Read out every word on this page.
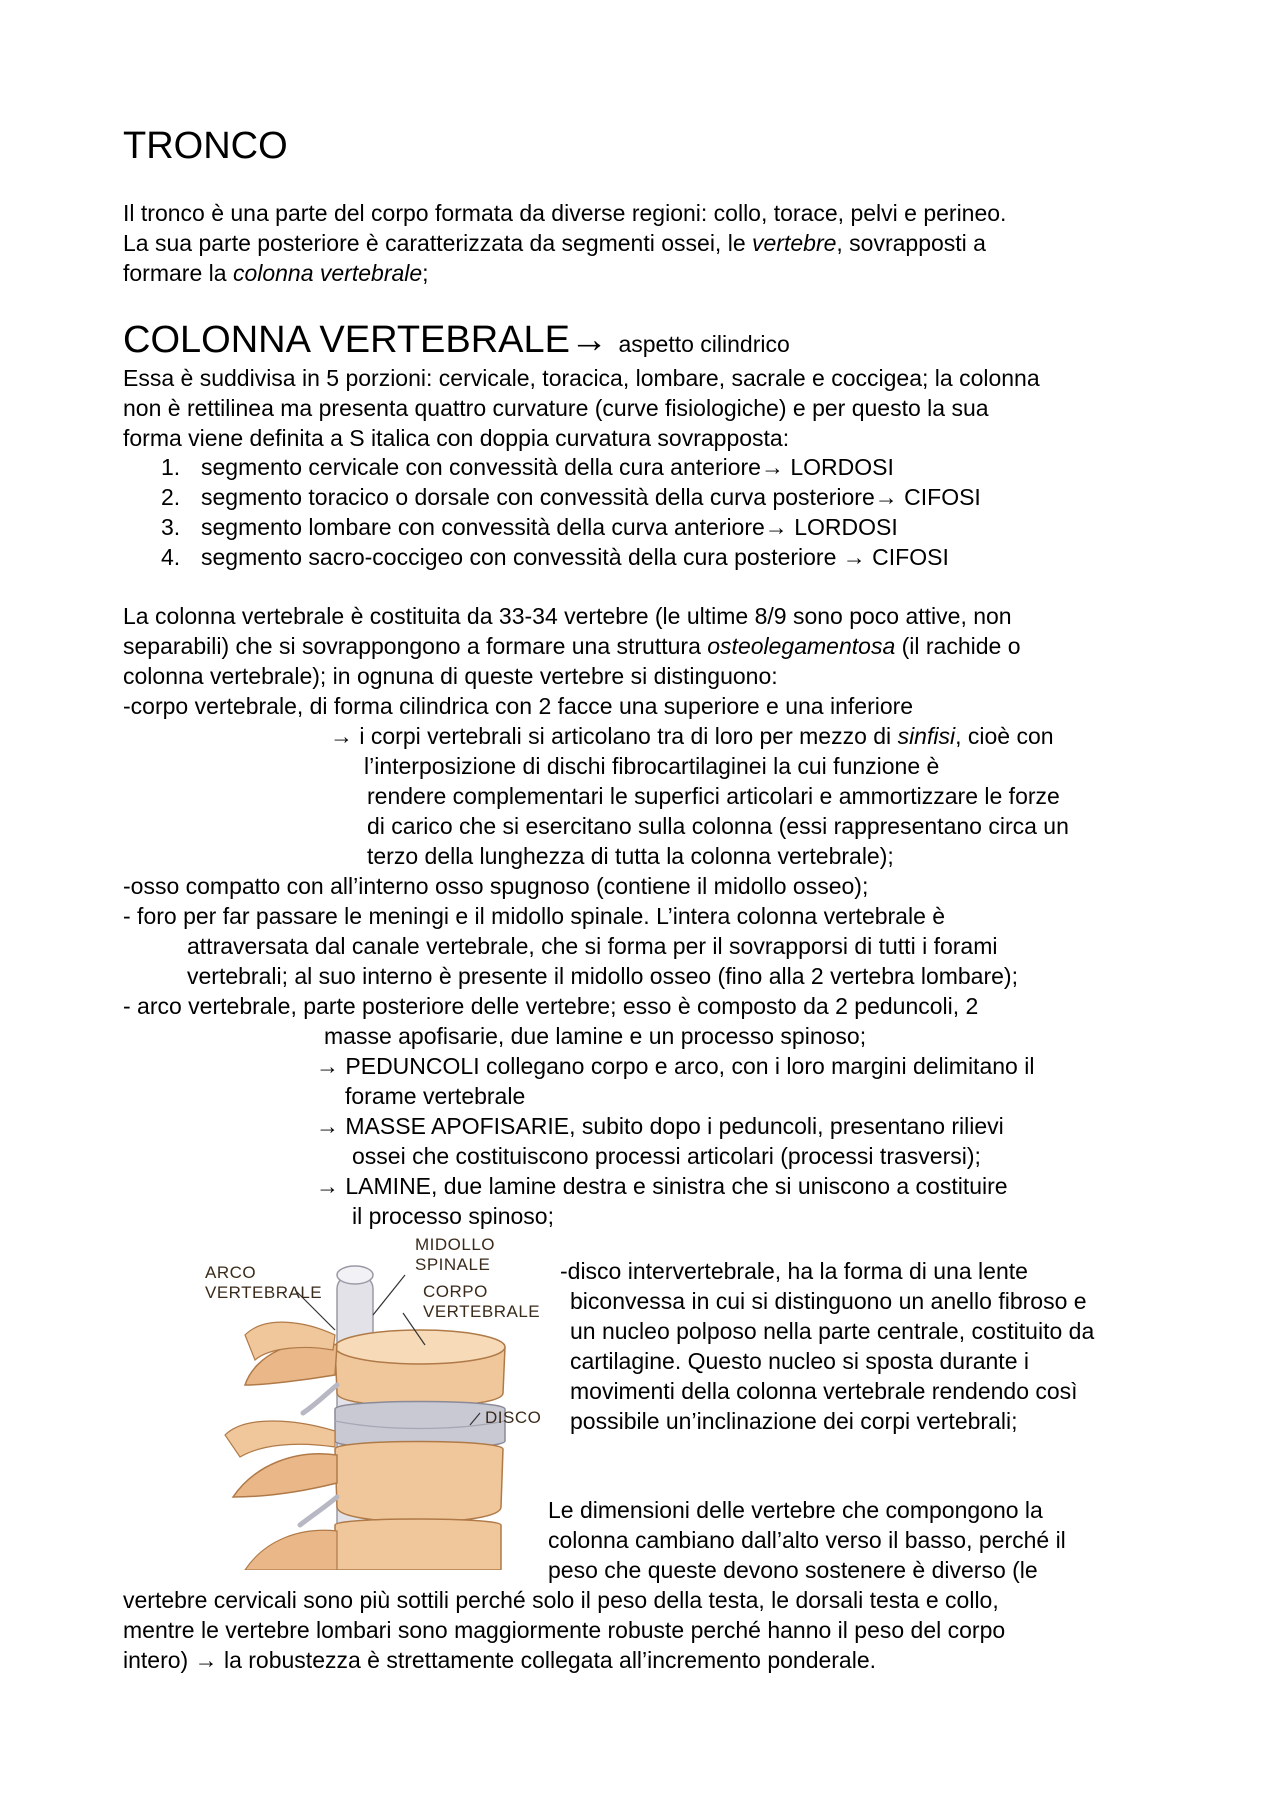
TRONCO
Il tronco è una parte del corpo formata da diverse regioni: collo, torace, pelvi e perineo.
La sua parte posteriore è caratterizzata da segmenti ossei, le vertebre, sovrapposti a
formare la colonna vertebrale;
COLONNA VERTEBRALE→ aspetto cilindrico
Essa è suddivisa in 5 porzioni: cervicale, toracica, lombare, sacrale e coccigea; la colonna
non è rettilinea ma presenta quattro curvature (curve fisiologiche) e per questo la sua
forma viene definita a S italica con doppia curvatura sovrapposta:
1. segmento cervicale con convessità della cura anteriore→ LORDOSI
2. segmento toracico o dorsale con convessità della curva posteriore→ CIFOSI
3. segmento lombare con convessità della curva anteriore→ LORDOSI
4. segmento sacro-coccigeo con convessità della cura posteriore → CIFOSI
La colonna vertebrale è costituita da 33-34 vertebre (le ultime 8/9 sono poco attive, non
separabili) che si sovrappongono a formare una struttura osteolegamentosa (il rachide o
colonna vertebrale); in ognuna di queste vertebre si distinguono:
-corpo vertebrale, di forma cilindrica con 2 facce una superiore e una inferiore
→ i corpi vertebrali si articolano tra di loro per mezzo di sinfisi, cioè con
l’interposizione di dischi fibrocartilaginei la cui funzione è
rendere complementari le superfici articolari e ammortizzare le forze
di carico che si esercitano sulla colonna (essi rappresentano circa un
terzo della lunghezza di tutta la colonna vertebrale);
-osso compatto con all’interno osso spugnoso (contiene il midollo osseo);
- foro per far passare le meningi e il midollo spinale. L’intera colonna vertebrale è
attraversata dal canale vertebrale, che si forma per il sovrapporsi di tutti i forami
vertebrali; al suo interno è presente il midollo osseo (fino alla 2 vertebra lombare);
- arco vertebrale, parte posteriore delle vertebre; esso è composto da 2 peduncoli, 2
masse apofisarie, due lamine e un processo spinoso;
→ PEDUNCOLI collegano corpo e arco, con i loro margini delimitano il
forame vertebrale
→ MASSE APOFISARIE, subito dopo i peduncoli, presentano rilievi
ossei che costituiscono processi articolari (processi trasversi);
→ LAMINE, due lamine destra e sinistra che si uniscono a costituire
il processo spinoso;
MIDOLLO
SPINALE
ARCO
VERTEBRALE	CORPO
VERTEBRALE
DISCO
-disco intervertebrale, ha la forma di una lente
biconvessa in cui si distinguono un anello fibroso e
un nucleo polposo nella parte centrale, costituito da
cartilagine. Questo nucleo si sposta durante i
movimenti della colonna vertebrale rendendo così
possibile un’inclinazione dei corpi vertebrali;
Le dimensioni delle vertebre che compongono la
colonna cambiano dall’alto verso il basso, perché il
peso che queste devono sostenere è diverso (le
vertebre cervicali sono più sottili perché solo il peso della testa, le dorsali testa e collo,
mentre le vertebre lombari sono maggiormente robuste perché hanno il peso del corpo
intero) → la robustezza è strettamente collegata all’incremento ponderale.
